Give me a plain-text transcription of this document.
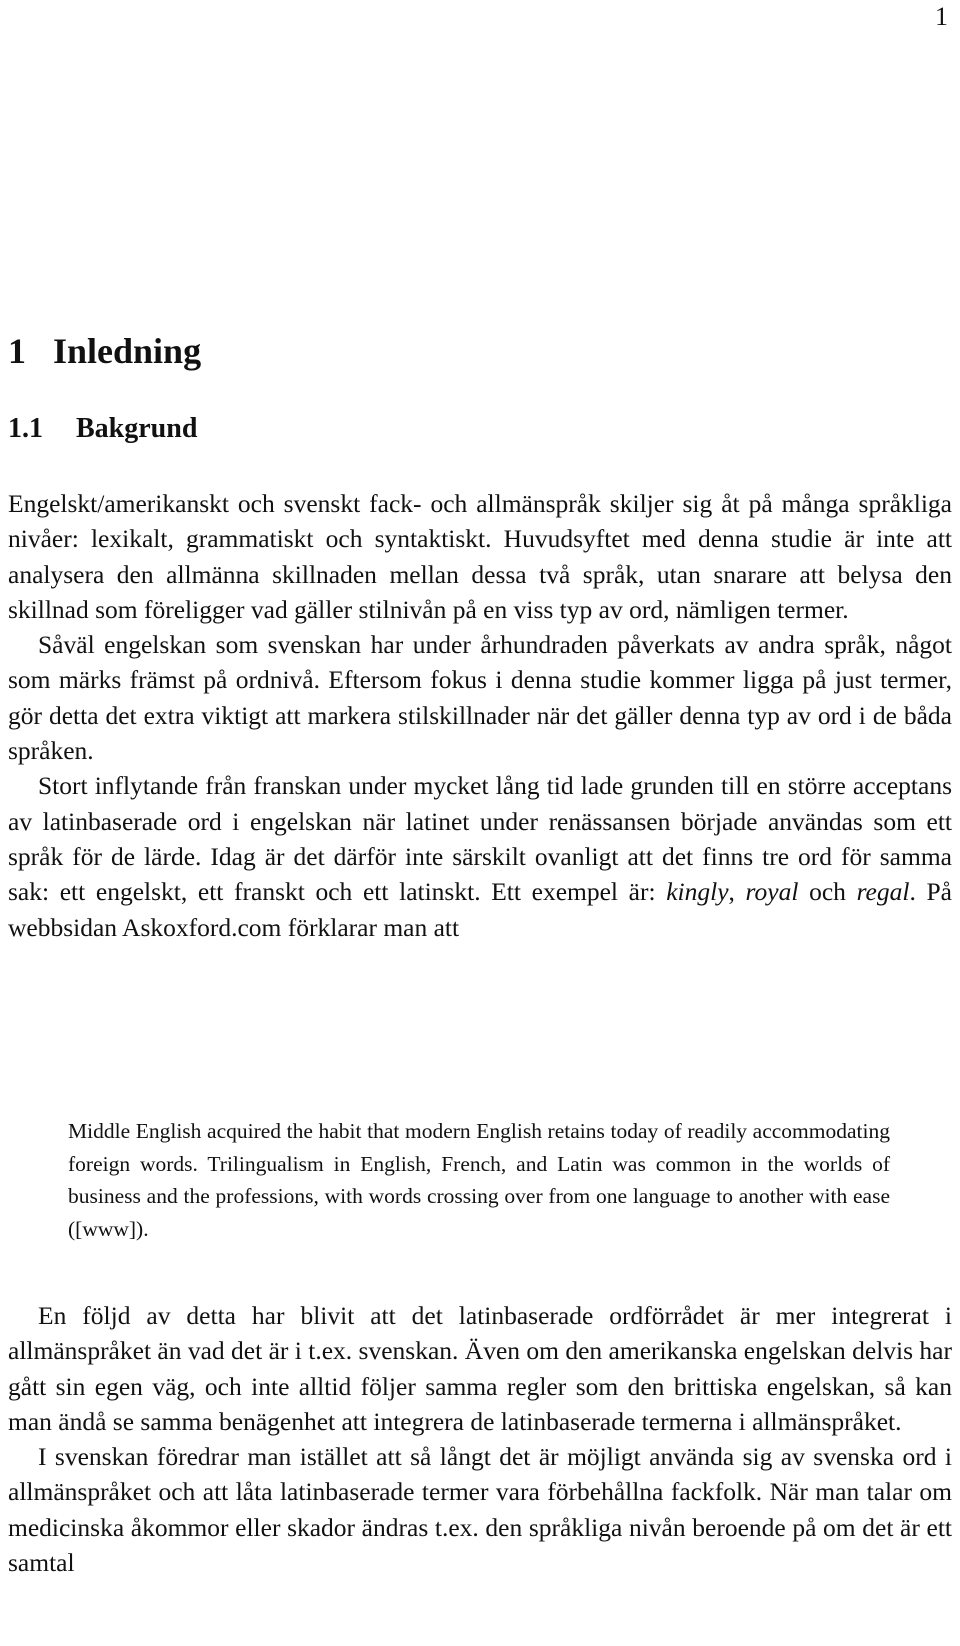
1
1 Inledning
1.1 Bakgrund

Engelskt/amerikanskt och svenskt fack- och allmänspråk skiljer sig åt på många språkliga nivåer: lexikalt, grammatiskt och syntaktiskt. Huvudsyftet med denna studie är inte att analysera den allmänna skillnaden mellan dessa två språk, utan snarare att belysa den skillnad som föreligger vad gäller stilnivån på en viss typ av ord, nämligen termer.

Såväl engelskan som svenskan har under århundraden påverkats av andra språk, något som märks främst på ordnivå. Eftersom fokus i denna studie kommer ligga på just termer, gör detta det extra viktigt att markera stilskillnader när det gäller denna typ av ord i de båda språken.

Stort inflytande från franskan under mycket lång tid lade grunden till en större acceptans av latinbaserade ord i engelskan när latinet under renässansen började användas som ett språk för de lärde. Idag är det därför inte särskilt ovanligt att det finns tre ord för samma sak: ett engelskt, ett franskt och ett latinskt. Ett exempel är: kingly, royal och regal. På webbsidan Askoxford.com förklarar man att

Middle English acquired the habit that modern English retains today of readily accommodating foreign words. Trilingualism in English, French, and Latin was common in the worlds of business and the professions, with words crossing over from one language to another with ease ([www]).

En följd av detta har blivit att det latinbaserade ordförrådet är mer integrerat i allmänspråket än vad det är i t.ex. svenskan. Även om den amerikanska engelskan delvis har gått sin egen väg, och inte alltid följer samma regler som den brittiska engelskan, så kan man ändå se samma benägenhet att integrera de latinbaserade termerna i allmänspråket.

I svenskan föredrar man istället att så långt det är möjligt använda sig av svenska ord i allmänspråket och att låta latinbaserade termer vara förbehållna fackfolk. När man talar om medicinska åkommor eller skador ändras t.ex. den språkliga nivån beroende på om det är ett samtal
